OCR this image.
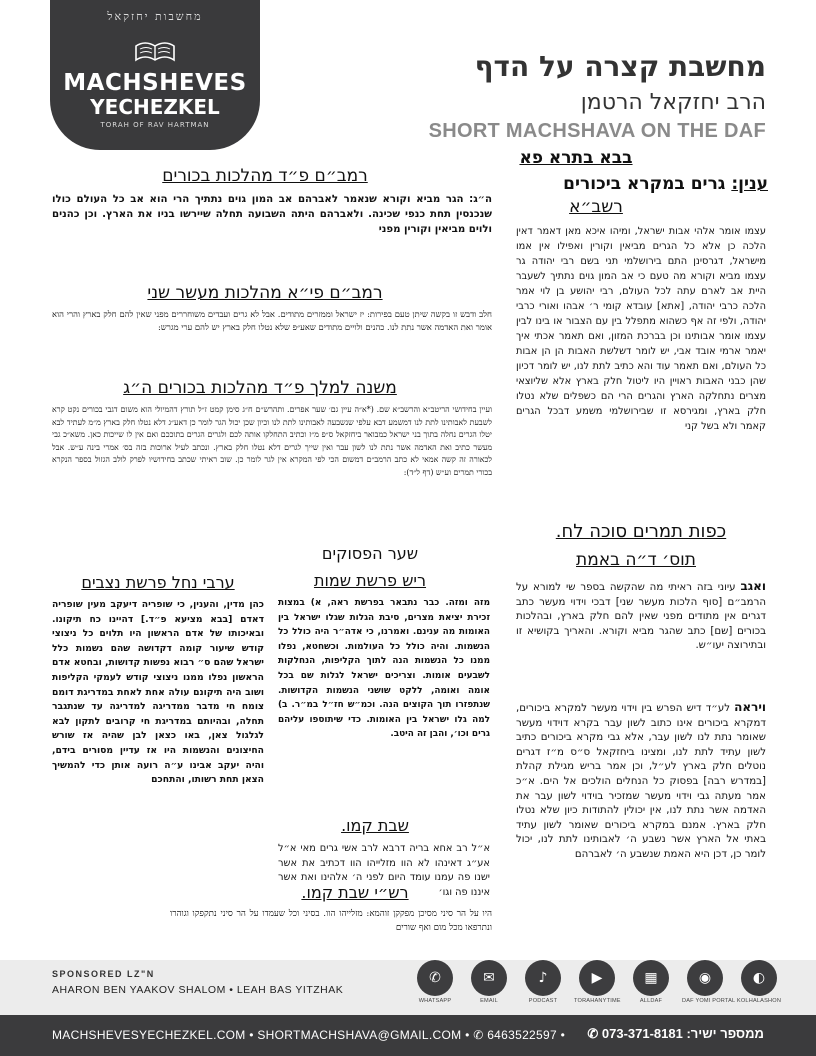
מחשבות יחזקאל
MACHSHEVES
YECHEZKEL
TORAH OF RAV HARTMAN
מחשבת קצרה על הדף
הרב יחזקאל הרטמן
SHORT MACHSHAVA ON THE DAF
בבא בתרא פא
ענין: גרים במקרא ביכורים
רשב״א
עצמו אומר אלהי אבות ישראל, ומיהו איכא מאן דאמר דאין הלכה כן אלא כל הגרים מביאין וקורין ואפילו אין אמו מישראל, דגרסינן התם בירושלמי תני בשם רבי יהודה גר עצמו מביא וקורא מה טעם כי אב המון גוים נתתיך לשעבר היית אב לארם עתה לכל העולם, רבי יהושע בן לוי אמר הלכה כרבי יהודה, [אתא] עובדא קומי ר׳ אבהו ואורי כרבי יהודה, ולפי זה אף כשהוא מתפלל בין עם הצבור או בינו לבין עצמו אומר אבותינו וכן בברכת המזון, ואם תאמר אכתי איך יאמר ארמי אובד אבי, יש לומר דשלשת האבות הן הן אבות כל העולם, ואם תאמר עוד והא כתיב לתת לנו, יש לומר דכיון שהן כבני האבות ראויין היו ליטול חלק בארץ אלא שליוצאי מצרים נתחלקה הארץ והגרים הרי הם כשפלים שלא נטלו חלק בארץ, ומגירסא זו שבירושלמי משמע דבכל הגרים קאמר ולא בשל קני
כפות תמרים סוכה לח.
תוס׳ ד״ה באמת
ואגב עיוני בזה ראיתי מה שהקשה בספר שי למורא על הרמב״ם [סוף הלכות מעשר שני] דבכי וידוי מעשר כתב דגרים אין מתודים מפני שאין להם חלק בארץ, ובהלכות בכורים [שם] כתב שהגר מביא וקורא. והאריך בקושיא זו ובתירוצה יעו״ש.
ויראה לע״ד דיש הפרש בין וידוי מעשר למקרא ביכורים, דמקרא ביכורים אינו כתוב לשון עבר בקרא דוידוי מעשר שאומר נתת לנו לשון עבר, אלא גבי מקרא ביכורים כתיב לשון עתיד לתת לנו, ומצינו ביחזקאל ס״ס מ״ז דגרים נוטלים חלק בארץ לע״ל, וכן אמר בריש מגילת קהלת [במדרש רבה] בפסוק כל הנחלים הולכים אל הים. א״כ אמר מעתה גבי וידוי מעשר שמזכיר בוידוי לשון עבר את האדמה אשר נתת לנו, אין יכולין להתודות כיון שלא נטלו חלק בארץ. אמנם במקרא ביכורים שאומר לשון עתיד באתי אל הארץ אשר נשבע ה׳ לאבותינו לתת לנו, יכול לומר כן, דכן היא האמת שנשבע ה׳ לאברהם
רמב״ם פ״ד מהלכות בכורים
ה״ג: הגר מביא וקורא שנאמר לאברהם אב המון גוים נתתיך הרי הוא אב כל העולם כולו שנכנסין תחת כנפי שכינה. ולאברהם היתה השבועה תחלה שיירשו בניו את הארץ. וכן כהנים ולוים מביאין וקורין מפני
רמב״ם פי״א מהלכות מעשר שני
חלב ודבש זו בקשה שיתן טעם בפירות: יז ישראל וממזרים מתודים. אבל לא גרים ועבדים משוחררים מפני שאין להם חלק בארץ והרי הוא אומר ואת האדמה אשר נתת לנו. כהנים ולויים מתודים שאע״פ שלא נטלו חלק בארץ יש להם ערי מגרש:
משנה למלך פ״ד מהלכות בכורים ה״ג
ועיין בחידושי הריטב״א והרשב״א שם. (*א״ה עיין גם׳ שער אפרים. ותהרש״ם ח״ג סימן קמט ז״ל תורץ דהמיולי הוא משום דגבי בכורים נקט קרא לשבעת לאבותינו לתת לנו דמשמע דבא עלפי שנשבעה לאבותינו לתת לנו וכיון שכן יכול הגר לומר כן דאע״ג דלא נטלו חלק בארץ מ״מ לעתיד לבא יטלו הגרים נחלה בתוך בני ישראל כמבואר ביחזקאל ס״פ מ״ז וכתיב התחלקו אותה לכם ולגרים הגרים בתוככם ואם אין לו שייכות כאן. משא״כ גבי מעשר כתיב ואת האדמה אשר נתת לנו לשון עבר ואין שייך לגרים דלא נטלו חלק בארץ. ונכתב לעיל ארוכות בזה בס׳ אמרי בינה ע״ש. אבל לכאורה זה קשה אמאי לא כתב הרמב״ם דמשום הכי לפי המקרא אין לגר לומר כן. שוב ראיתי שכתב בחידושיו לפרק לולב הגזול בספר הנקרא בכורי תמרים וע״ש (דף ל״ד):
שער הפסוקים
ריש פרשת שמות
מזה ומזה. כבר נתבאר בפרשת ראה, א) במצות זכירת יציאת מצרים, סיבת הגלות שגלו ישראל בין האומות מה ענינם. ואמרנו, כי אדה״ר היה כולל כל הנשמות. והיה כולל כל העולמות. וכשחטא, נפלו ממנו כל הנשמות הנה לתוך הקליפות, הנחלקות לשבעים אומות. וצריכים ישראל לגלות שם בכל אומה ואומה, ללקט שושני הנשמות הקדושות. שנתפזרו תוך הקוצים הנה. וכמ״ש חז״ל במ״ר. ב) למה גלו ישראל בין האומות. כדי שיתוספו עליהם גרים וכו׳, והבן זה היטב.
שבת קמו.
א״ל רב אחא בריה דרבא לרב אשי גרים מאי א״ל אע״ג דאינהו לא הוו מזלייהו הוו דכתיב את אשר ישנו פה עמנו עומד היום לפני ה׳ אלהינו ואת אשר איננו פה וגו׳
ערבי נחל פרשת נצבים
כהן מדין, והענין, כי שופריה דיעקב מעין שופריה דאדם [בבא מציעא פ״ד.] דהיינו כח תיקונו. ובאיכותו של אדם הראשון היו תלוים כל ניצוצי קודש שיעור קומה דקדושה שהם נשמות כלל ישראל שהם ס״ רבוא נפשות קדושות, ובחטא אדם הראשון נפלו ממנו ניצוצי קודש לעמקי הקליפות ושוב היה תיקונם עולה אחת לאחת במדריגת דומם צומח חי מדבר ממדריגה למדריגה עד שנתגבר תחלה, ובהיותם במדריגת חי קרובים לתקון לבא לגלגול צאן, באו כצאן לבן שהיה אז שורש החיצונים והנשמות היו אז עדיין מסורים בידם, והיה יעקב אבינו ע״ה רועה אותן כדי להמשיך הצאן תחת רשותו, והתחכם
רש״י שבת קמו.
היו על הר סיני מסיכן מפקקן זוהמא: מזלייהו הוו. בסיני וכל שעמדו על הר סיני נתקפקו וגוהרו ונתרפאו מכל מום ואף שורים
SPONSORED LZ"N
AHARON BEN YAAKOV SHALOM • LEAH BAS YITZHAK
✆
WHATSAPP
✉
EMAIL
♪
PODCAST
▶
TORAHANYTIME
▦
ALLDAF
◉
DAF YOMI PORTAL
◐
KOLHALASHON
MACHSHEVESYECHEZKEL.COM • SHORTMACHSHAVA@GMAIL.COM • ✆ 6463522597 • ממספר ישיר: 073-371-8181 ✆
